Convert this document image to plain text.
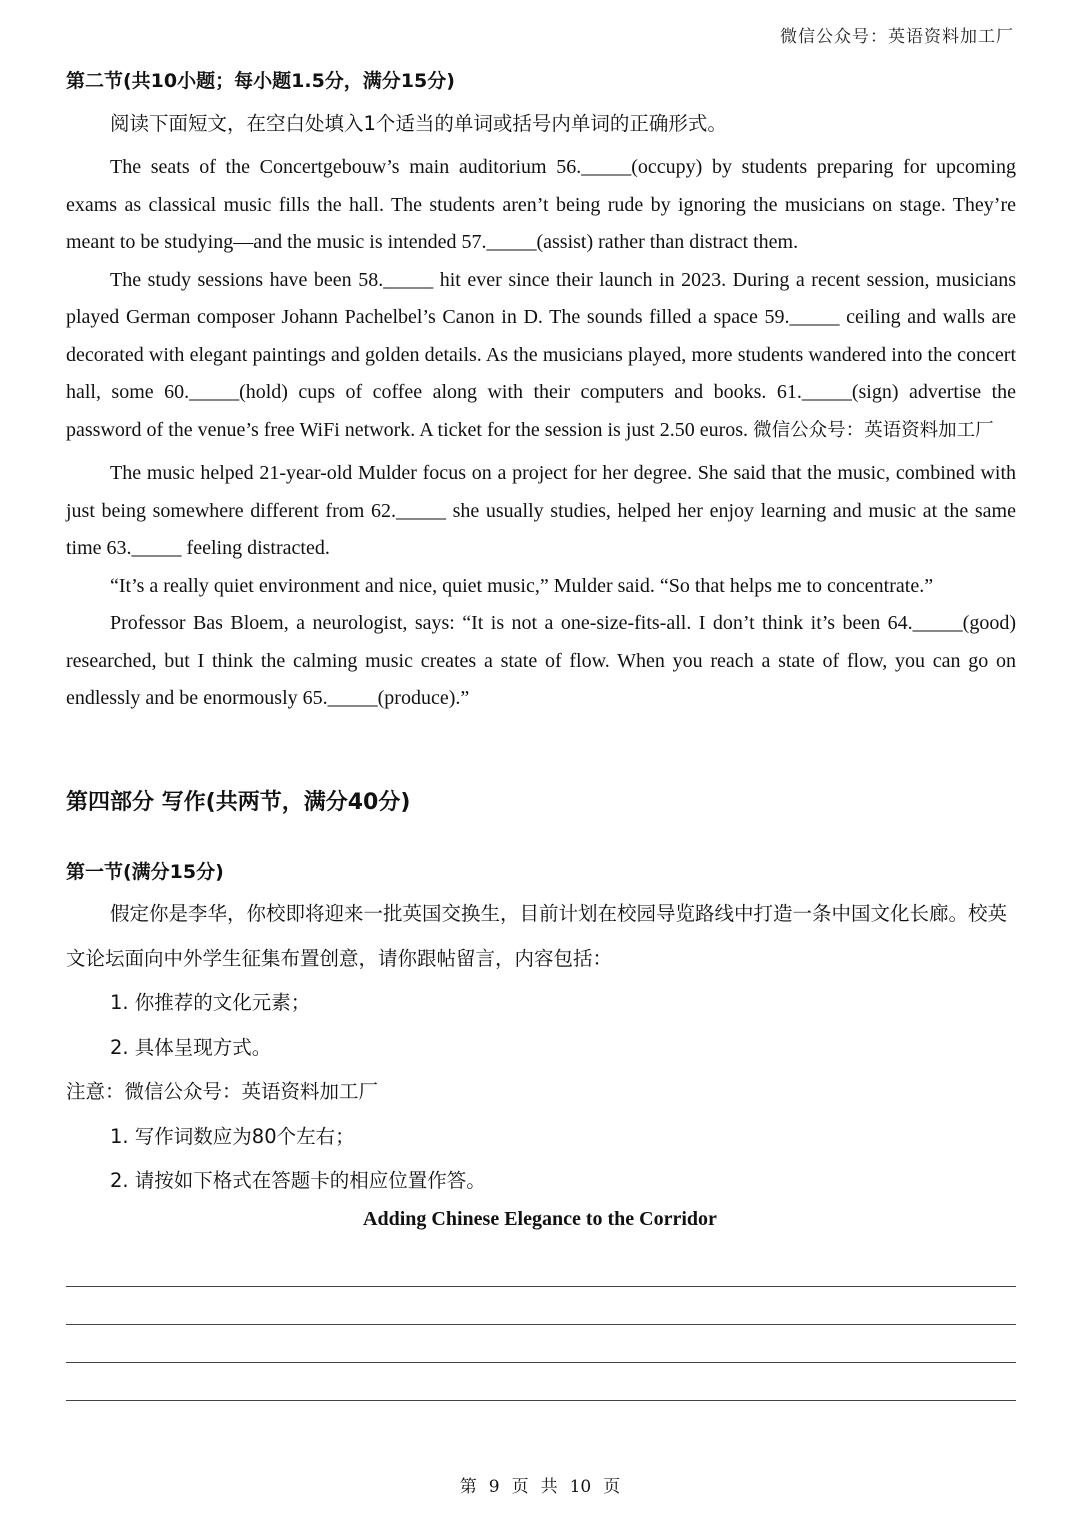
微信公众号：英语资料加工厂
第二节(共10小题；每小题1.5分，满分15分)

阅读下面短文，在空白处填入1个适当的单词或括号内单词的正确形式。

The seats of the Concertgebouw’s main auditorium 56._____(occupy) by students preparing for upcoming exams as classical music fills the hall. The students aren’t being rude by ignoring the musicians on stage. They’re meant to be studying—and the music is intended 57._____(assist) rather than distract them.

The study sessions have been 58._____ hit ever since their launch in 2023. During a recent session, musicians played German composer Johann Pachelbel’s Canon in D. The sounds filled a space 59._____ ceiling and walls are decorated with elegant paintings and golden details. As the musicians played, more students wandered into the concert hall, some 60._____(hold) cups of coffee along with their computers and books. 61._____(sign) advertise the password of the venue’s free WiFi network. A ticket for the session is just 2.50 euros. 微信公众号：英语资料加工厂

The music helped 21-year-old Mulder focus on a project for her degree. She said that the music, combined with just being somewhere different from 62._____ she usually studies, helped her enjoy learning and music at the same time 63._____ feeling distracted.

“It’s a really quiet environment and nice, quiet music,” Mulder said. “So that helps me to concentrate.”

Professor Bas Bloem, a neurologist, says: “It is not a one-size-fits-all. I don’t think it’s been 64._____(good) researched, but I think the calming music creates a state of flow. When you reach a state of flow, you can go on endlessly and be enormously 65._____(produce).”

第四部分 写作(共两节，满分40分)
第一节(满分15分)

假定你是李华，你校即将迎来一批英国交换生，目前计划在校园导览路线中打造一条中国文化长廊。校英文论坛面向中外学生征集布置创意，请你跟帖留言，内容包括：

1. 你推荐的文化元素；

2. 具体呈现方式。

注意：微信公众号：英语资料加工厂

1. 写作词数应为80个左右；

2. 请按如下格式在答题卡的相应位置作答。

Adding Chinese Elegance to the Corridor
第 9 页 共 10 页
